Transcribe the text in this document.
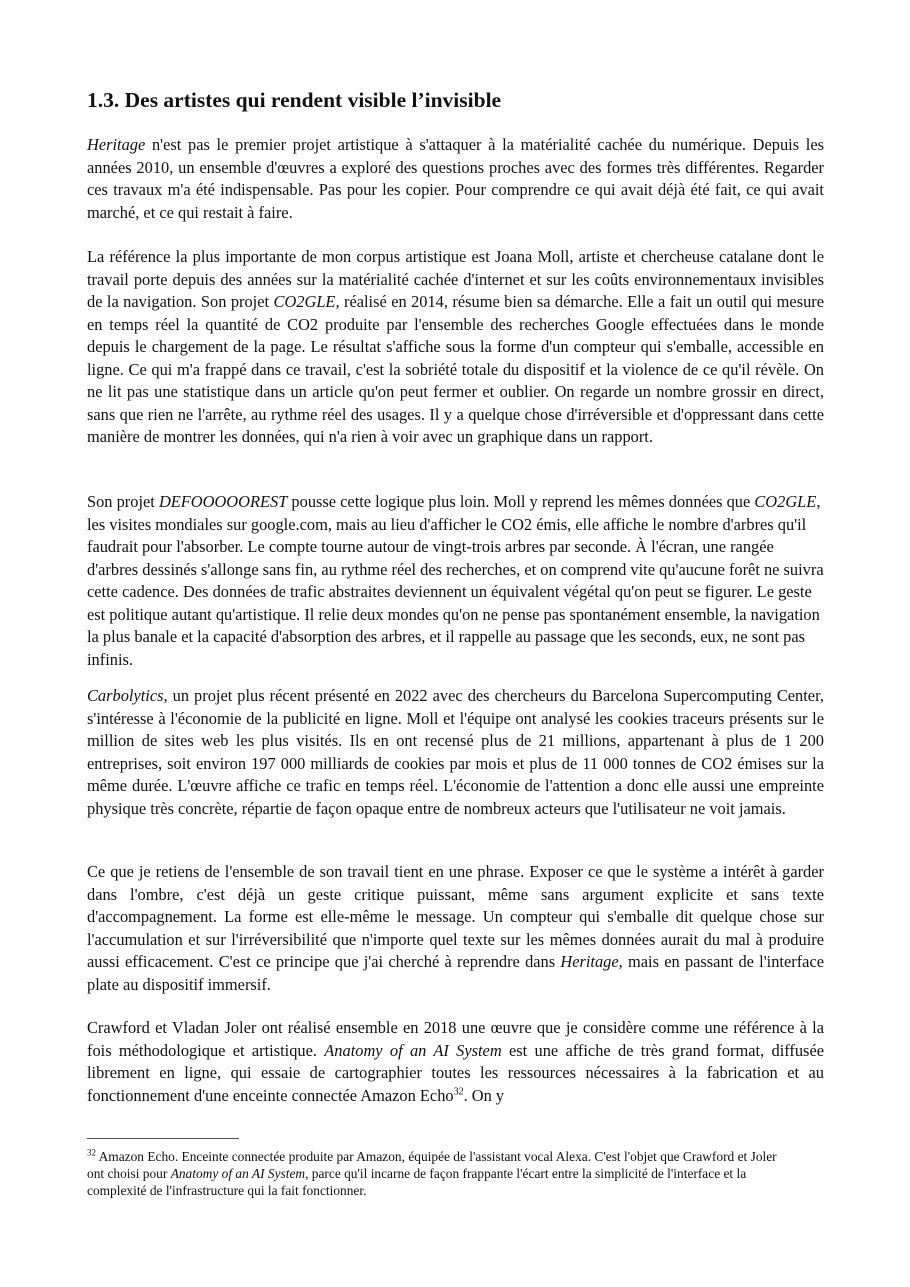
1.3. Des artistes qui rendent visible l’invisible

Heritage n'est pas le premier projet artistique à s'attaquer à la matérialité cachée du numérique. Depuis les années 2010, un ensemble d'œuvres a exploré des questions proches avec des formes très différentes. Regarder ces travaux m'a été indispensable. Pas pour les copier. Pour comprendre ce qui avait déjà été fait, ce qui avait marché, et ce qui restait à faire.

La référence la plus importante de mon corpus artistique est Joana Moll, artiste et chercheuse catalane dont le travail porte depuis des années sur la matérialité cachée d'internet et sur les coûts environnementaux invisibles de la navigation. Son projet CO2GLE, réalisé en 2014, résume bien sa démarche. Elle a fait un outil qui mesure en temps réel la quantité de CO2 produite par l'ensemble des recherches Google effectuées dans le monde depuis le chargement de la page. Le résultat s'affiche sous la forme d'un compteur qui s'emballe, accessible en ligne. Ce qui m'a frappé dans ce travail, c'est la sobriété totale du dispositif et la violence de ce qu'il révèle. On ne lit pas une statistique dans un article qu'on peut fermer et oublier. On regarde un nombre grossir en direct, sans que rien ne l'arrête, au rythme réel des usages. Il y a quelque chose d'irréversible et d'oppressant dans cette manière de montrer les données, qui n'a rien à voir avec un graphique dans un rapport.

Son projet DEFOOOOOREST pousse cette logique plus loin. Moll y reprend les mêmes données que CO2GLE, les visites mondiales sur google.com, mais au lieu d'afficher le CO2 émis, elle affiche le nombre d'arbres qu'il faudrait pour l'absorber. Le compte tourne autour de vingt-trois arbres par seconde. À l'écran, une rangée d'arbres dessinés s'allonge sans fin, au rythme réel des recherches, et on comprend vite qu'aucune forêt ne suivra cette cadence. Des données de trafic abstraites deviennent un équivalent végétal qu'on peut se figurer. Le geste est politique autant qu'artistique. Il relie deux mondes qu'on ne pense pas spontanément ensemble, la navigation la plus banale et la capacité d'absorption des arbres, et il rappelle au passage que les seconds, eux, ne sont pas infinis.

Carbolytics, un projet plus récent présenté en 2022 avec des chercheurs du Barcelona Supercomputing Center, s'intéresse à l'économie de la publicité en ligne. Moll et l'équipe ont analysé les cookies traceurs présents sur le million de sites web les plus visités. Ils en ont recensé plus de 21 millions, appartenant à plus de 1 200 entreprises, soit environ 197 000 milliards de cookies par mois et plus de 11 000 tonnes de CO2 émises sur la même durée. L'œuvre affiche ce trafic en temps réel. L'économie de l'attention a donc elle aussi une empreinte physique très concrète, répartie de façon opaque entre de nombreux acteurs que l'utilisateur ne voit jamais.

Ce que je retiens de l'ensemble de son travail tient en une phrase. Exposer ce que le système a intérêt à garder dans l'ombre, c'est déjà un geste critique puissant, même sans argument explicite et sans texte d'accompagnement. La forme est elle-même le message. Un compteur qui s'emballe dit quelque chose sur l'accumulation et sur l'irréversibilité que n'importe quel texte sur les mêmes données aurait du mal à produire aussi efficacement. C'est ce principe que j'ai cherché à reprendre dans Heritage, mais en passant de l'interface plate au dispositif immersif.

Crawford et Vladan Joler ont réalisé ensemble en 2018 une œuvre que je considère comme une référence à la fois méthodologique et artistique. Anatomy of an AI System est une affiche de très grand format, diffusée librement en ligne, qui essaie de cartographier toutes les ressources nécessaires à la fabrication et au fonctionnement d'une enceinte connectée Amazon Echo$^{32}$. On y

$^{32}$ Amazon Echo. Enceinte connectée produite par Amazon, équipée de l'assistant vocal Alexa. C'est l'objet que Crawford et Joler ont choisi pour Anatomy of an AI System, parce qu'il incarne de façon frappante l'écart entre la simplicité de l'interface et la complexité de l'infrastructure qui la fait fonctionner.
